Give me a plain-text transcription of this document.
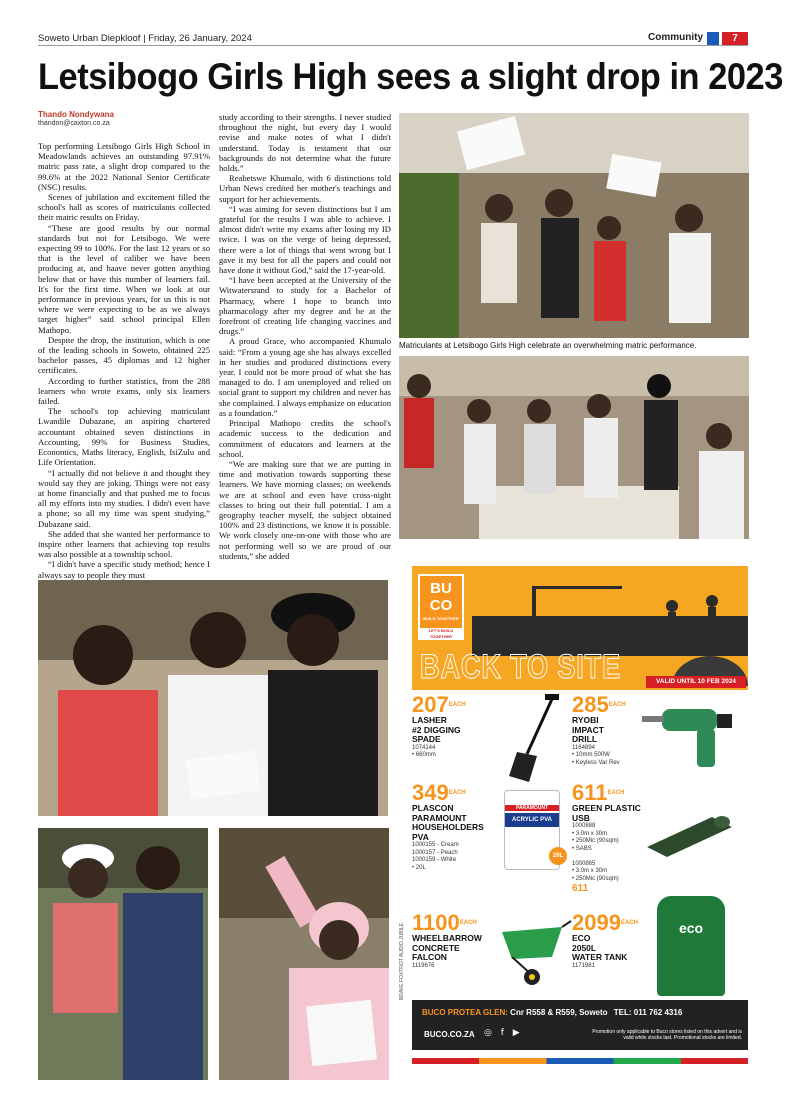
Soweto Urban Diepkloof | Friday, 26 January, 2024	Community	7
Letsibogo Girls High sees a slight drop in 2023
Thando Nondywana
thandon@caxton.co.za

Top performing Letsibogo Girls High School in Meadowlands achieves an outstanding 97.91% matric pass rate, a slight drop compared to the 99.6% at the 2022 National Senior Certificate (NSC) results.

Scenes of jubilation and excitement filled the school's hall as scores of matriculants collected their matric results on Friday.

“These are good results by our normal standards but not for Letsibogo. We were expecting 99 to 100%. For the last 12 years or so that is the level of caliber we have been producing at, and haave never gotten anything below that or have this number of learners fail. It's for the first time. When we look at our performance in previous years, for us this is not where we were expecting to be as we always target higher” said school principal Ellen Mathopo.

Despite the drop, the institution, which is one of the leading schools in Soweto, obtained 225 bachelor passes, 45 diplomas and 12 higher certificates.

According to further statistics, from the 288 learners who wrote exams, only six learners failed.

The school's top achieving matriculant Lwandile Dubazane, an aspiring chartered accountant obtained seven distinctions in Accounting, 99% for Business Studies, Economics, Maths literacy, English, IsiZulu and Life Orientation.

“I actually did not believe it and thought they would say they are joking. Things were not easy at home financially and that pushed me to focus all my efforts into my studies. I didn't even have a phone; so all my time was spent studying,” Dubazane said.

She added that she wanted her performance to inspire other learners that achieving top results was also possible at a township school.

“I didn't have a specific study method; hence I always say to people they must

study according to their strengths. I never studied throughout the night, but every day I would revise and make notes of what I didn't understand. Today is testament that our backgrounds do not determine what the future holds.”

Reabetswe Khumalo, with 6 distinctions told Urban News credited her mother's teachings and support for her achievements.

“I was aiming for seven distinctions but I am grateful for the results I was able to achieve. I almost didn't write my exams after losing my ID twice. I was on the verge of being depressed, there were a lot of things that went wrong but I gave it my best for all the papers and could not have done it without God,” said the 17-year-old.

“I have been accepted at the University of the Witwatersrand to study for a Bachelor of Pharmacy, where I hope to branch into pharmacology after my degree and be at the forefront of creating life changing vaccines and drugs.”

A proud Grace, who accompanied Khumalo said: “From a young age she has always excelled in her studies and produced distinctions every year. I could not be more proud of what she has managed to do. I am unemployed and relied on social grant to support my children and never has she complained. I always emphasize on education as a foundation.”

Principal Mathopo credits the school's academic success to the dedication and commitment of educators and learners at the school.

“We are making sure that we are putting in time and motivation towards supporting these learners. We have morning classes; on weekends we are at school and even have cross-night classes to bring out their full potential. I am a geography teacher myself, the subject obtained 100% and 23 distinctions, we know it is possible. We work closely one-on-one with those who are not performing well so we are proud of our students,” she added

Matriculants at Letsibogo Girls High celebrate an overwhelming matric performance.
BU
CO
BUILD TOGETHER
LET'S BUILD TOGETHER
BACK TO SITE	VALID UNTIL 10 FEB 2024
207EACH
LASHER
#2 DIGGING
SPADE
1074144
• 660mm
285EACH
RYOBI
IMPACT
DRILL
1164894
• 10mm 500W
• Keyless Var Rev
349EACH
PLASCON
PARAMOUNT
HOUSEHOLDERS
PVA
1000155 - Cream
1000157 - Peach
1000159 - White
• 20L
PARAMOUNT
ACRYLIC PVA
20L
611EACH
GREEN PLASTIC
USB
1000888
• 3.0m x 30m
• 250Mic (90sqm)
• SABS

1000865
• 3.0m x 30m
• 250Mic (90sqm)
611
1100EACH
WHEELBARROW
CONCRETE
FALCON
1119676
2099EACH
ECO
2050L
WATER TANK
1171981
eco
BUCO PROTEA GLEN: Cnr R558 & R559, Soweto TEL: 011 762 4316
BUCO.CO.ZA ◎ f ▶	Promotion only applicable to Buco stores listed on this advert and is valid while stocks last. Promotional stocks are limited.
BRAVE FOXTROT AUDIO JUBILE
